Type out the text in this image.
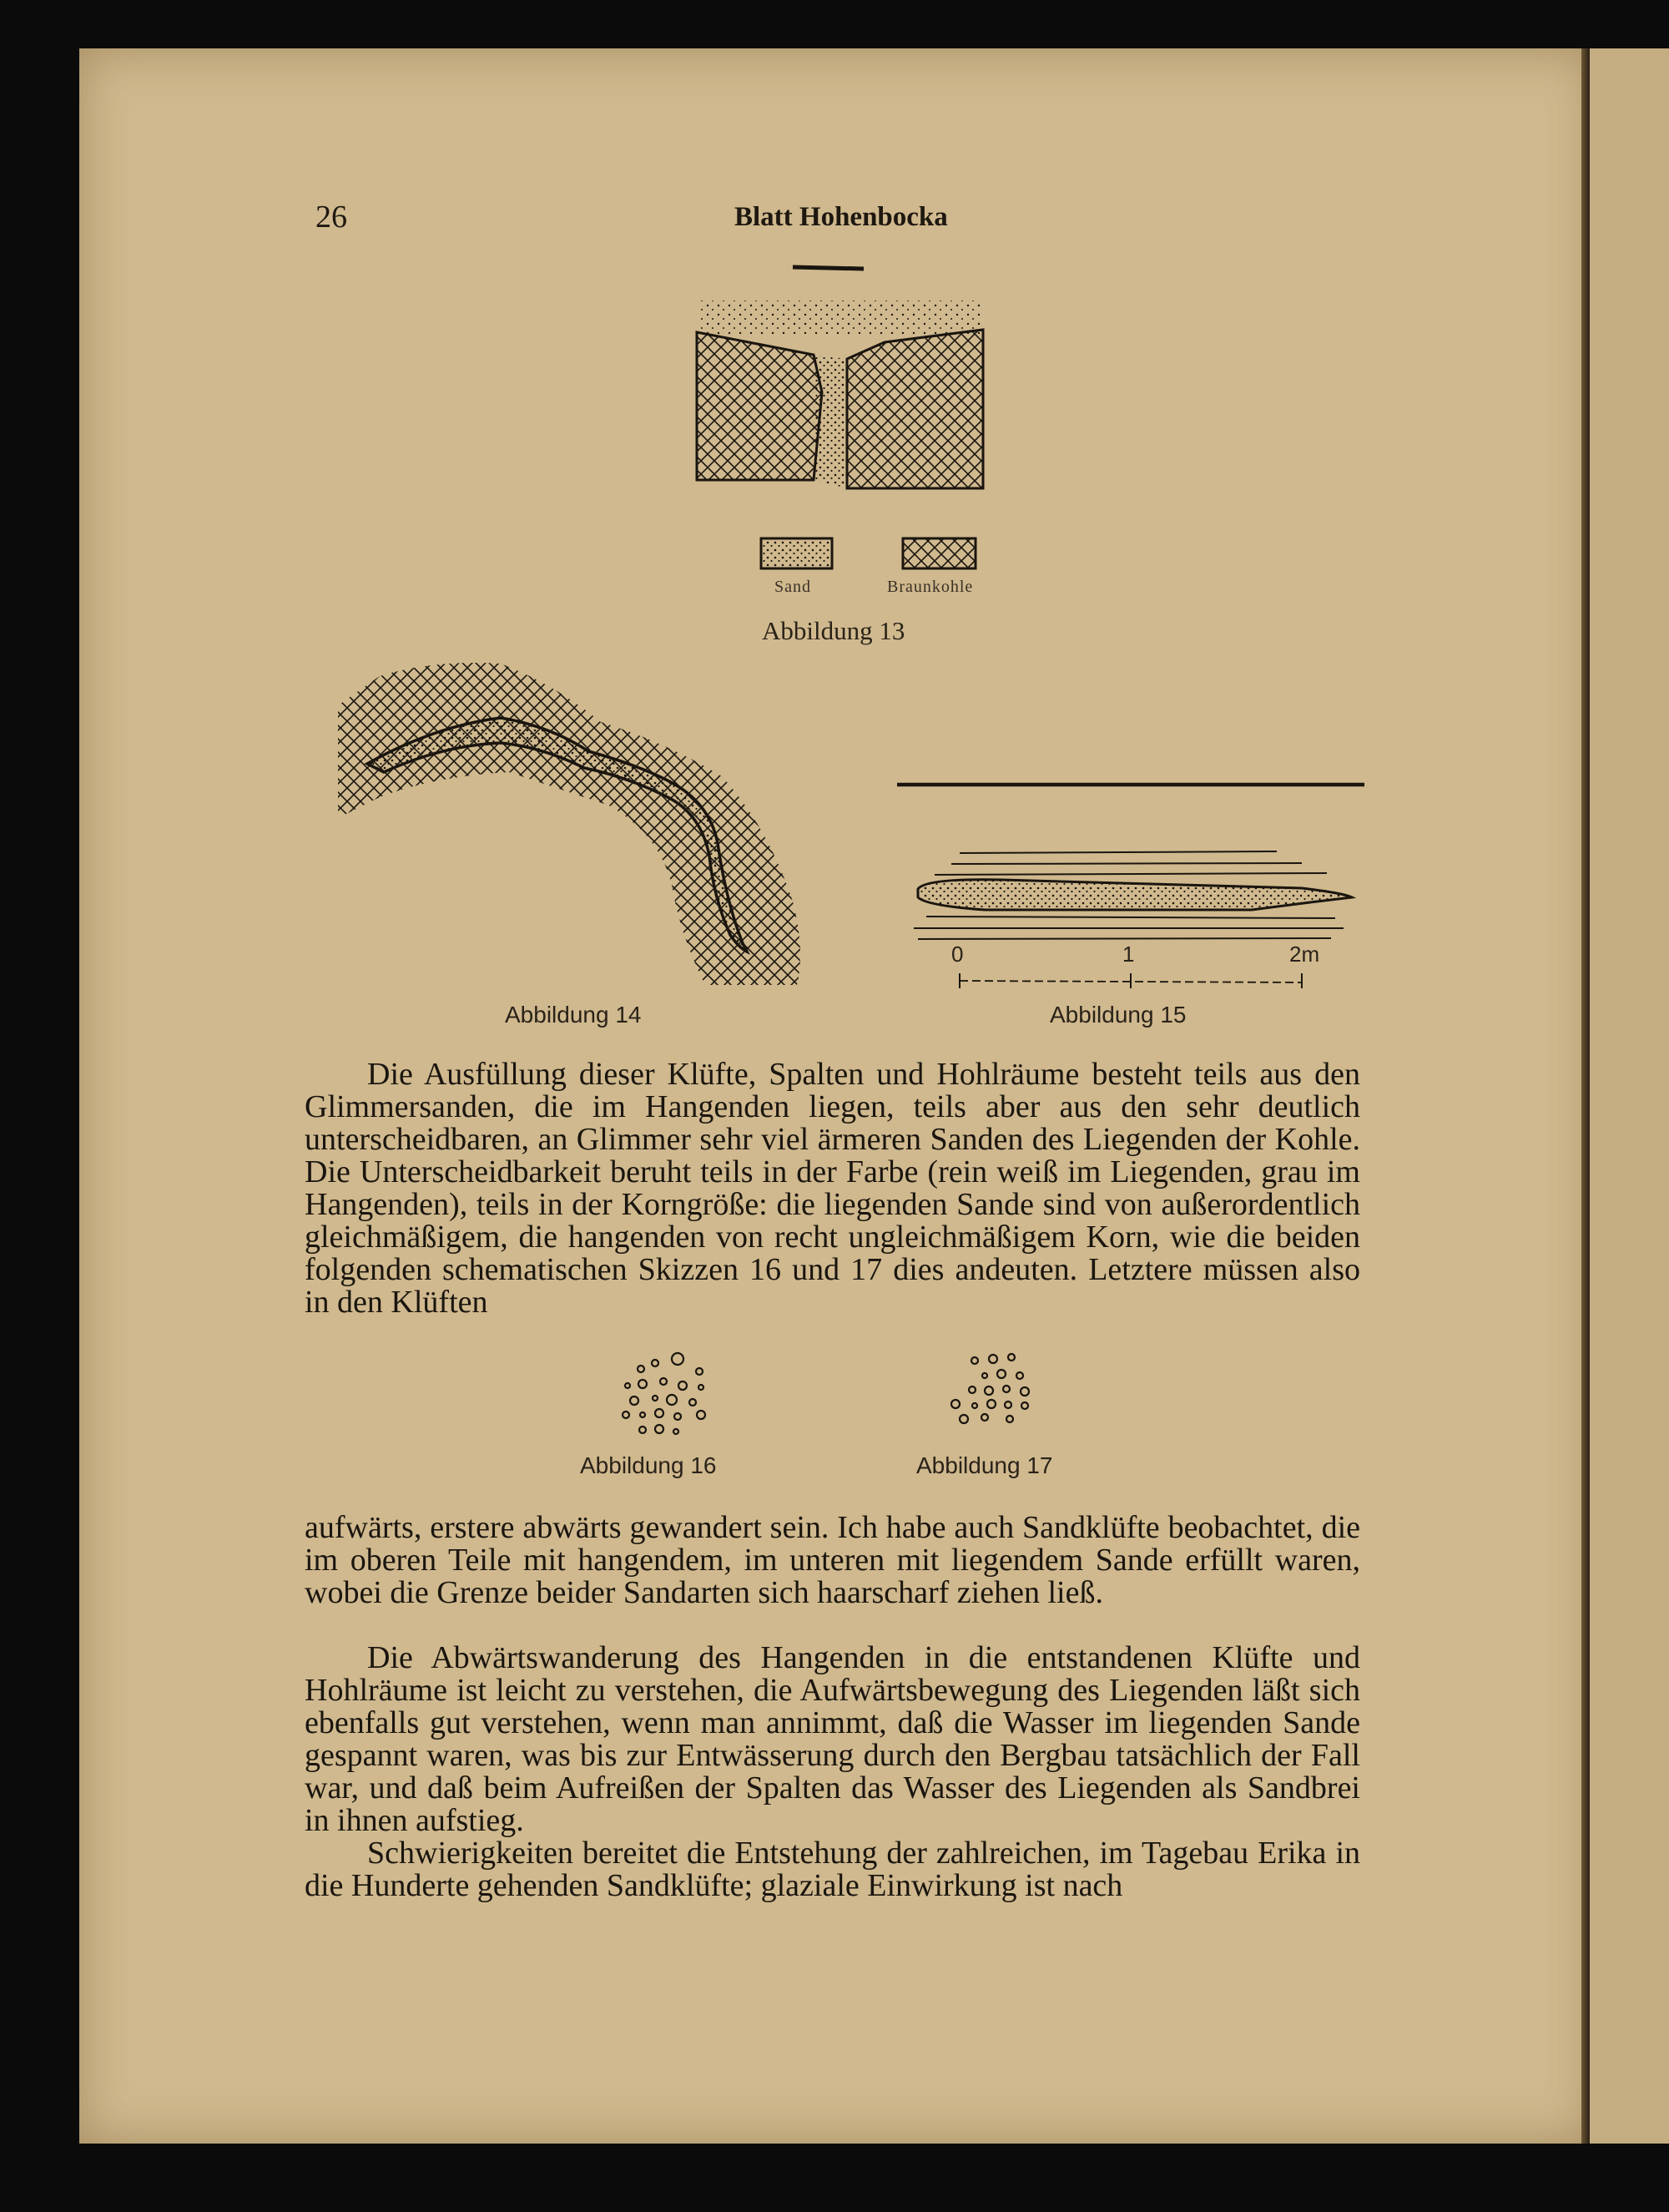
26	Blatt Hohenbocka
Sand	Braunkohle
Abbildung 13
0	1	2m
Abbildung 14	Abbildung 15

Die Ausfüllung dieser Klüfte, Spalten und Hohlräume besteht teils aus den Glimmersanden, die im Hangenden liegen, teils aber aus den sehr deutlich unterscheidbaren, an Glimmer sehr viel ärmeren Sanden des Liegenden der Kohle. Die Unterscheidbarkeit beruht teils in der Farbe (rein weiß im Liegenden, grau im Hangenden), teils in der Korngröße: die liegenden Sande sind von außerordentlich gleichmäßigem, die hangenden von recht ungleichmäßigem Korn, wie die beiden folgenden schematischen Skizzen 16 und 17 dies andeuten. Letztere müssen also in den Klüften

Abbildung 16	Abbildung 17

aufwärts, erstere abwärts gewandert sein. Ich habe auch Sandklüfte beobachtet, die im oberen Teile mit hangendem, im unteren mit liegendem Sande erfüllt waren, wobei die Grenze beider Sandarten sich haarscharf ziehen ließ.

Die Abwärtswanderung des Hangenden in die entstandenen Klüfte und Hohlräume ist leicht zu verstehen, die Aufwärtsbewegung des Liegenden läßt sich ebenfalls gut verstehen, wenn man annimmt, daß die Wasser im liegenden Sande gespannt waren, was bis zur Entwässerung durch den Bergbau tatsächlich der Fall war, und daß beim Aufreißen der Spalten das Wasser des Liegenden als Sandbrei in ihnen aufstieg.

Schwierigkeiten bereitet die Entstehung der zahlreichen, im Tagebau Erika in die Hunderte gehenden Sandklüfte; glaziale Einwirkung ist nach
